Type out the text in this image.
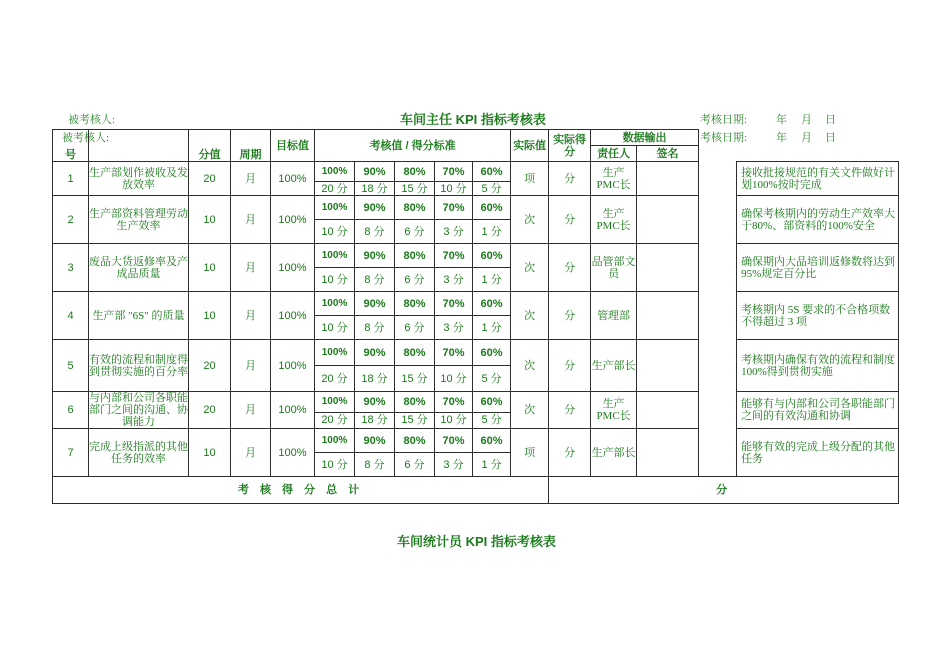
被考核人:	车间主任 KPI 指标考核表	考核日期:	年 月 日
被考核人:	考核日期:	年 月 日
号		分值	周期	目标值	考核值 / 得分标准					实际值	实际得分	数据输出			
												责任人	签名		
1	生产部划作被收及发放效率	20	月	100%	100%	90%	80%	70%	60%	项	分	生产PMC长			接收批接规范的有关文件做好计划100%按时完成
					20 分	18 分	15 分	10 分	5 分						
2	生产部资料管理劳动生产效率	10	月	100%	100%	90%	80%	70%	60%	次	分	生产PMC长			确保考核期内的劳动生产效率大于80%、部资料的100%安全
					10 分	8 分	6 分	3 分	1 分						
3	废品大货返修率及产成品质量	10	月	100%	100%	90%	80%	70%	60%	次	分	品管部文员			确保期内大品培训返修数将达到95%规定百分比
					10 分	8 分	6 分	3 分	1 分						
4	生产部 "6S" 的质量	10	月	100%	100%	90%	80%	70%	60%	次	分	管理部			考核期内 5S 要求的不合格项数不得超过 3 项
					10 分	8 分	6 分	3 分	1 分						
5	有效的流程和制度得到贯彻实施的百分率	20	月	100%	100%	90%	80%	70%	60%	次	分	生产部长			考核期内确保有效的流程和制度100%得到贯彻实施
					20 分	18 分	15 分	10 分	5 分						
6	与内部和公司各职能部门之间的沟通、协调能力	20	月	100%	100%	90%	80%	70%	60%	次	分	生产PMC长			能够有与内部和公司各职能部门之间的有效沟通和协调
					20 分	18 分	15 分	10 分	5 分						
7	完成上级指派的其他任务的效率	10	月	100%	100%	90%	80%	70%	60%	项	分	生产部长			能够有效的完成上级分配的其他任务
					10 分	8 分	6 分	3 分	1 分						
考 核 得 分 总 计											分				
车间统计员 KPI 指标考核表
